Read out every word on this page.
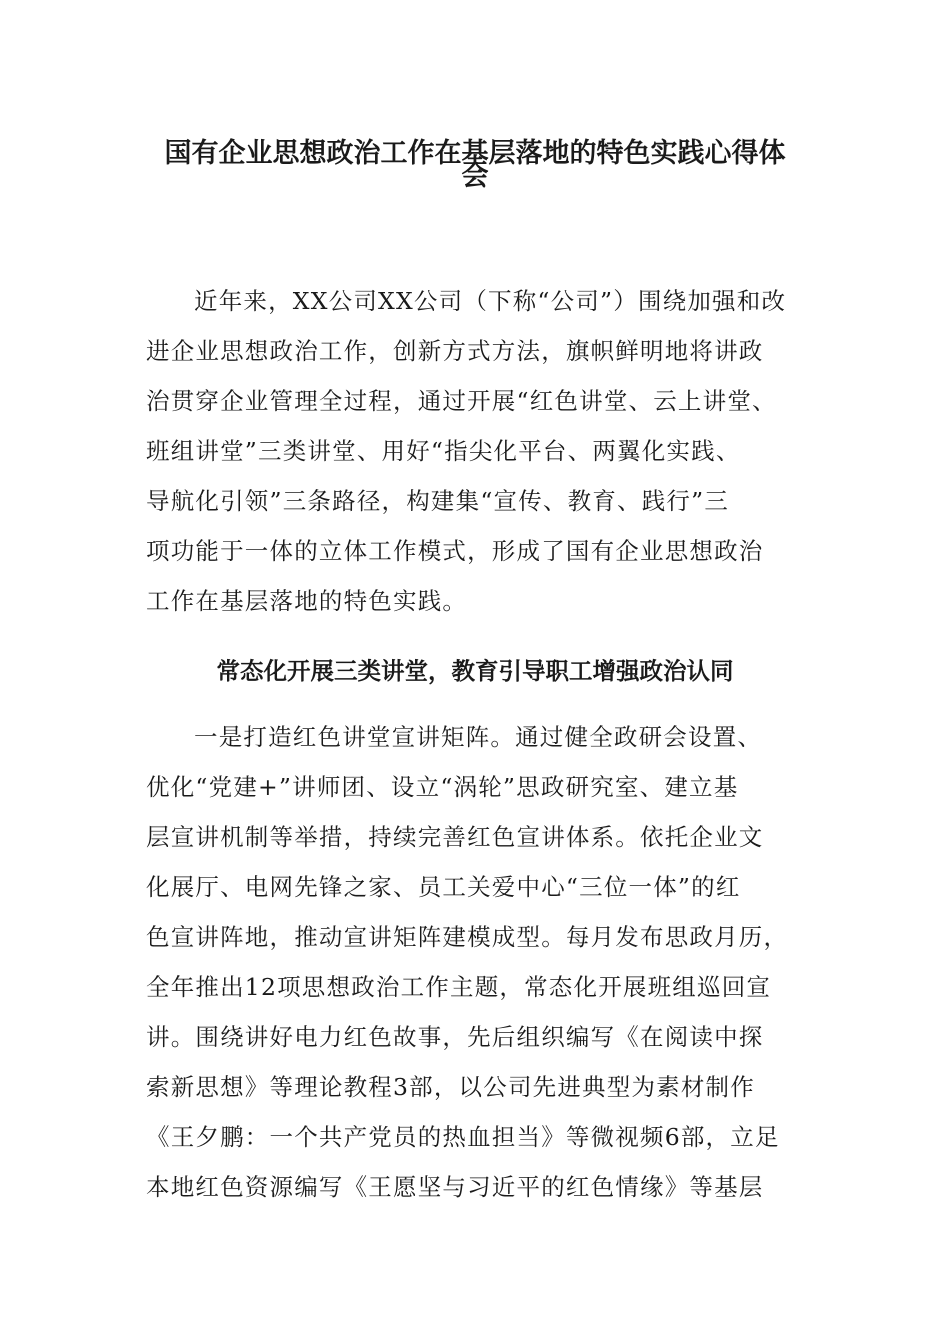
国有企业思想政治工作在基层落地的特色实践心得体
会

近年来，XX公司XX公司（下称“公司”）围绕加强和改

进企业思想政治工作，创新方式方法，旗帜鲜明地将讲政

治贯穿企业管理全过程，通过开展“红色讲堂、云上讲堂、

班组讲堂”三类讲堂、用好“指尖化平台、两翼化实践、

导航化引领”三条路径，构建集“宣传、教育、践行”三

项功能于一体的立体工作模式，形成了国有企业思想政治

工作在基层落地的特色实践。

常态化开展三类讲堂，教育引导职工增强政治认同

一是打造红色讲堂宣讲矩阵。通过健全政研会设置、

优化“党建+”讲师团、设立“涡轮”思政研究室、建立基

层宣讲机制等举措，持续完善红色宣讲体系。依托企业文

化展厅、电网先锋之家、员工关爱中心“三位一体”的红

色宣讲阵地，推动宣讲矩阵建模成型。每月发布思政月历，

全年推出12项思想政治工作主题，常态化开展班组巡回宣

讲。围绕讲好电力红色故事，先后组织编写《在阅读中探

索新思想》等理论教程3部，以公司先进典型为素材制作

《王夕鹏：一个共产党员的热血担当》等微视频6部，立足

本地红色资源编写《王愿坚与习近平的红色情缘》等基层
